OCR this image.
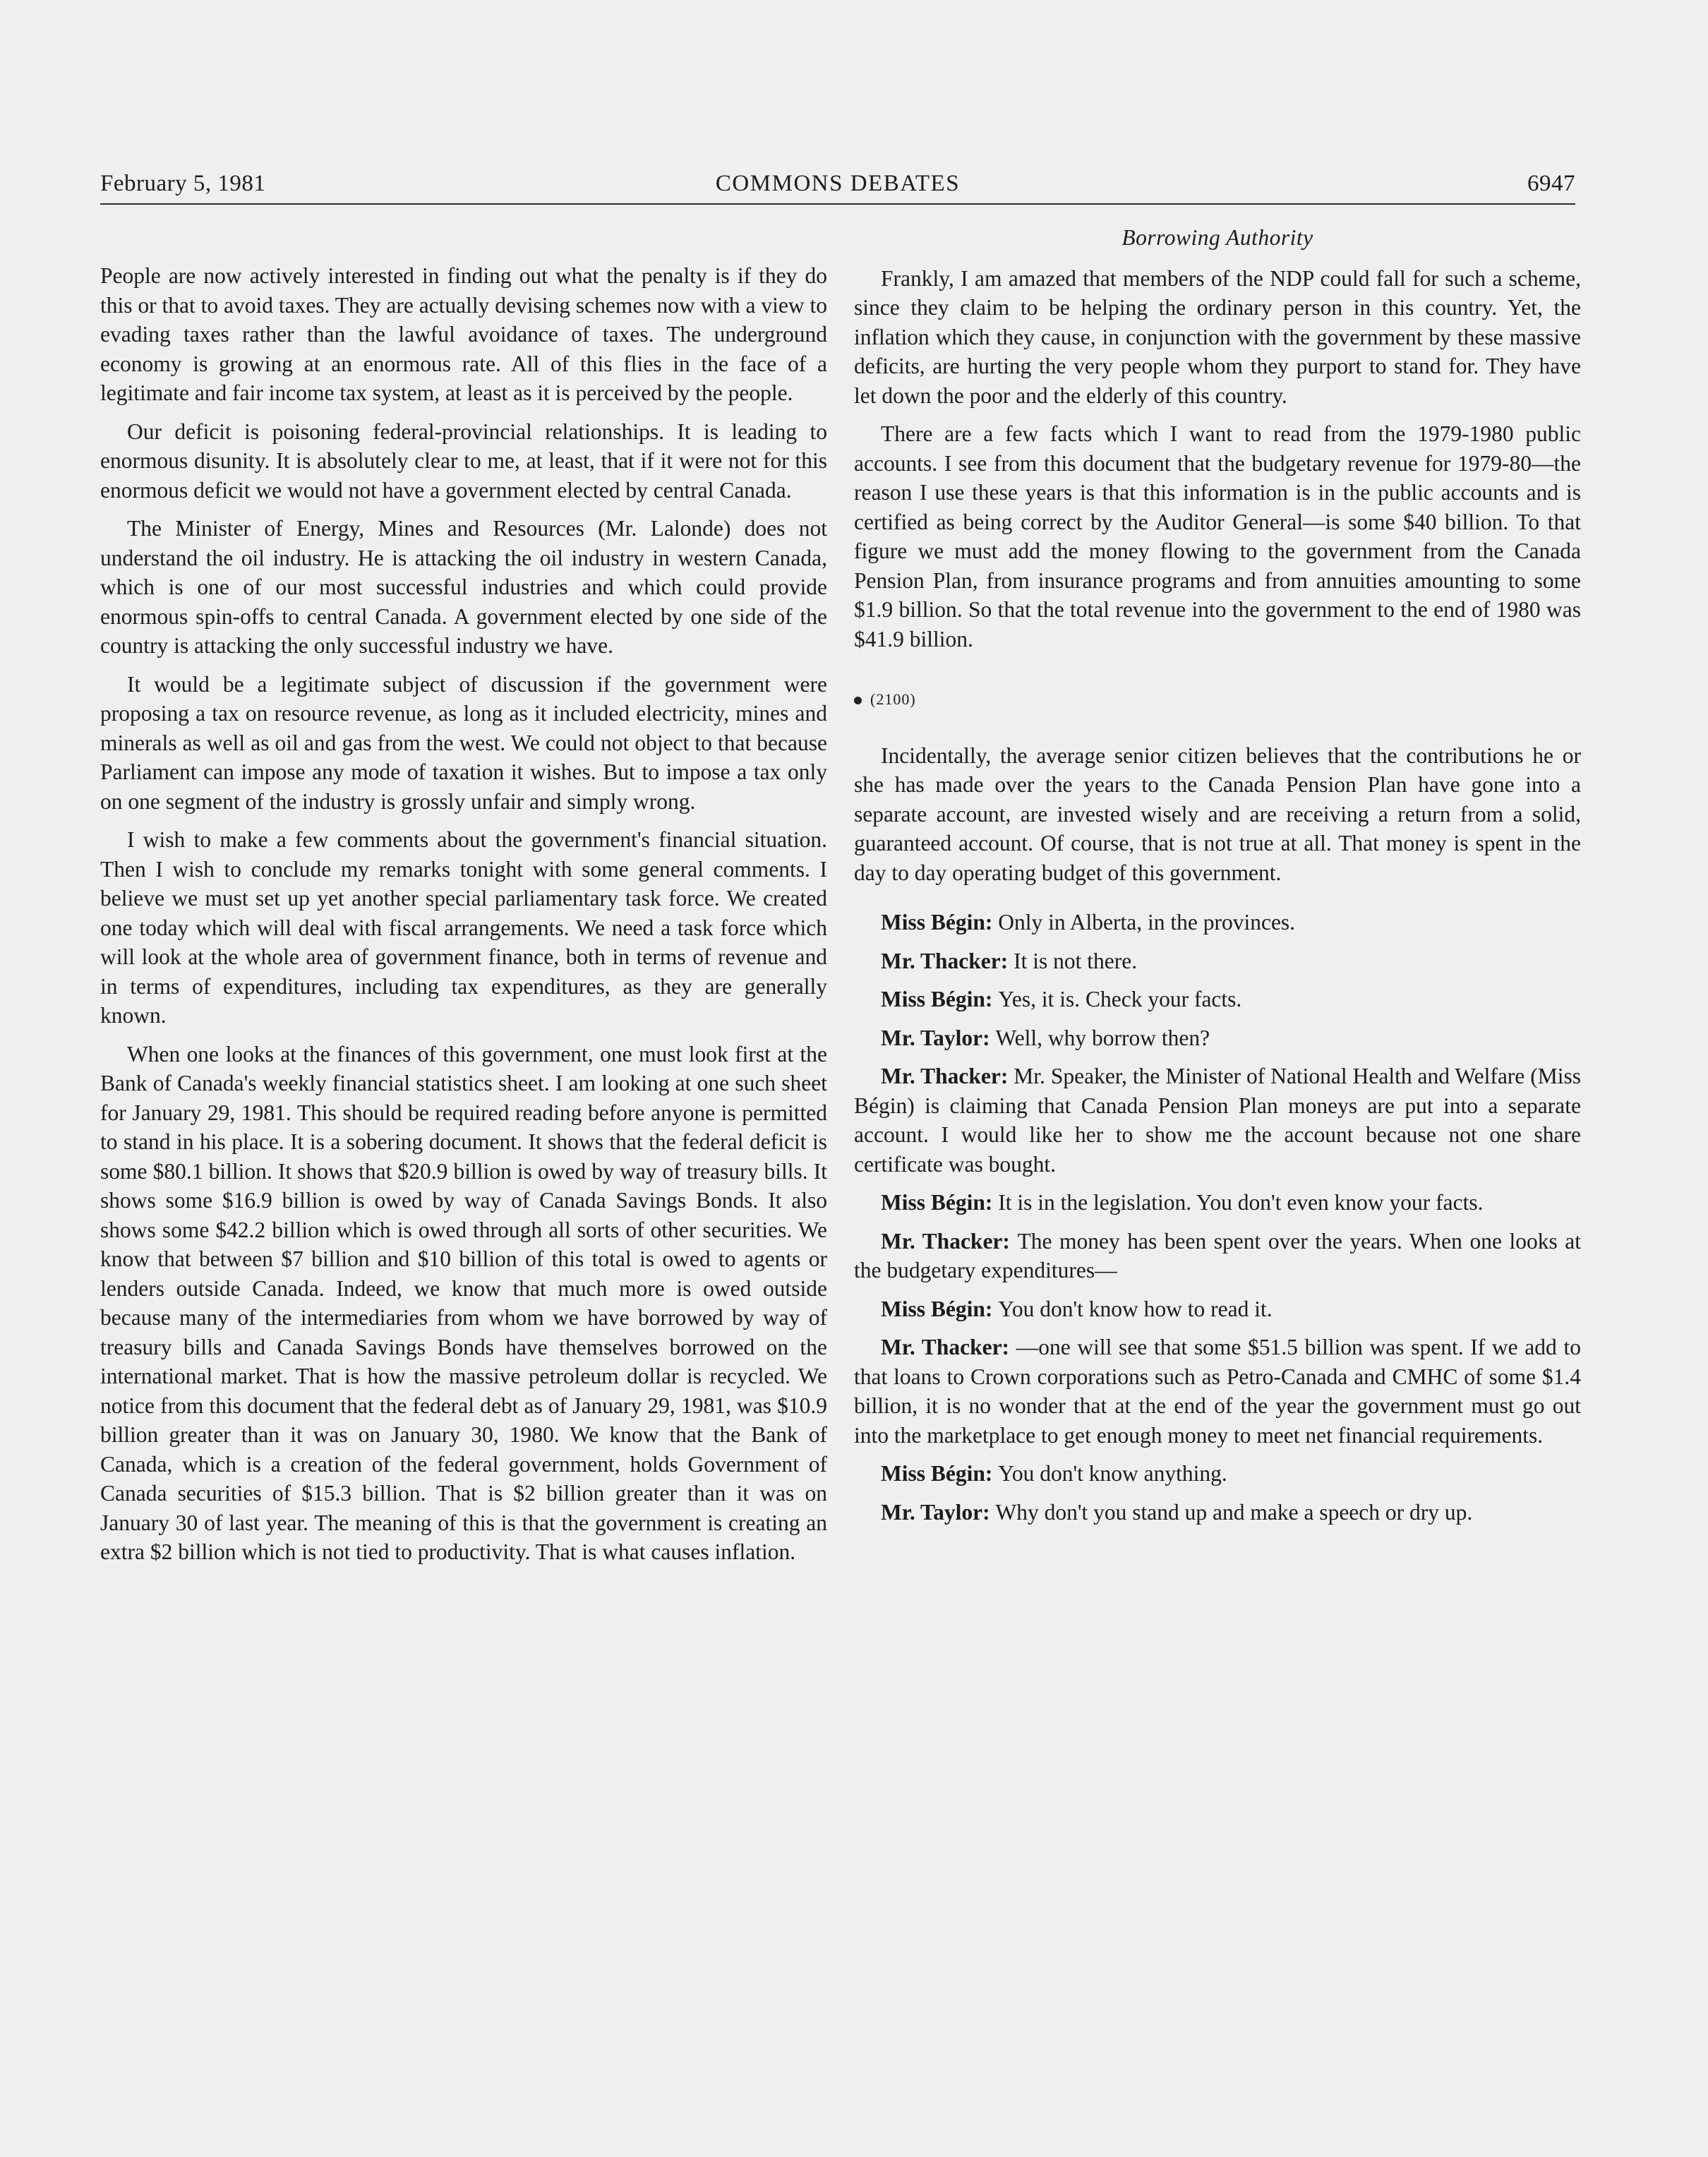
February 5, 1981	COMMONS DEBATES	6947

People are now actively interested in finding out what the penalty is if they do this or that to avoid taxes. They are actually devising schemes now with a view to evading taxes rather than the lawful avoidance of taxes. The underground economy is growing at an enormous rate. All of this flies in the face of a legitimate and fair income tax system, at least as it is perceived by the people.

Our deficit is poisoning federal-provincial relationships. It is leading to enormous disunity. It is absolutely clear to me, at least, that if it were not for this enormous deficit we would not have a government elected by central Canada.

The Minister of Energy, Mines and Resources (Mr. Lalonde) does not understand the oil industry. He is attacking the oil industry in western Canada, which is one of our most successful industries and which could provide enormous spin-offs to central Canada. A government elected by one side of the country is attacking the only successful industry we have.

It would be a legitimate subject of discussion if the government were proposing a tax on resource revenue, as long as it included electricity, mines and minerals as well as oil and gas from the west. We could not object to that because Parliament can impose any mode of taxation it wishes. But to impose a tax only on one segment of the industry is grossly unfair and simply wrong.

I wish to make a few comments about the government's financial situation. Then I wish to conclude my remarks tonight with some general comments. I believe we must set up yet another special parliamentary task force. We created one today which will deal with fiscal arrangements. We need a task force which will look at the whole area of government finance, both in terms of revenue and in terms of expenditures, including tax expenditures, as they are generally known.

When one looks at the finances of this government, one must look first at the Bank of Canada's weekly financial statistics sheet. I am looking at one such sheet for January 29, 1981. This should be required reading before anyone is permitted to stand in his place. It is a sobering document. It shows that the federal deficit is some $80.1 billion. It shows that $20.9 billion is owed by way of treasury bills. It shows some $16.9 billion is owed by way of Canada Savings Bonds. It also shows some $42.2 billion which is owed through all sorts of other securities. We know that between $7 billion and $10 billion of this total is owed to agents or lenders outside Canada. Indeed, we know that much more is owed outside because many of the intermediaries from whom we have borrowed by way of treasury bills and Canada Savings Bonds have themselves borrowed on the international market. That is how the massive petroleum dollar is recycled. We notice from this document that the federal debt as of January 29, 1981, was $10.9 billion greater than it was on January 30, 1980. We know that the Bank of Canada, which is a creation of the federal government, holds Government of Canada securities of $15.3 billion. That is $2 billion greater than it was on January 30 of last year. The meaning of this is that the government is creating an extra $2 billion which is not tied to productivity. That is what causes inflation.

Borrowing Authority

Frankly, I am amazed that members of the NDP could fall for such a scheme, since they claim to be helping the ordinary person in this country. Yet, the inflation which they cause, in conjunction with the government by these massive deficits, are hurting the very people whom they purport to stand for. They have let down the poor and the elderly of this country.

There are a few facts which I want to read from the 1979-1980 public accounts. I see from this document that the budgetary revenue for 1979-80—the reason I use these years is that this information is in the public accounts and is certified as being correct by the Auditor General—is some $40 billion. To that figure we must add the money flowing to the government from the Canada Pension Plan, from insurance programs and from annuities amounting to some $1.9 billion. So that the total revenue into the government to the end of 1980 was $41.9 billion.

(2100)

Incidentally, the average senior citizen believes that the contributions he or she has made over the years to the Canada Pension Plan have gone into a separate account, are invested wisely and are receiving a return from a solid, guaranteed account. Of course, that is not true at all. That money is spent in the day to day operating budget of this government.

Miss Bégin: Only in Alberta, in the provinces.

Mr. Thacker: It is not there.

Miss Bégin: Yes, it is. Check your facts.

Mr. Taylor: Well, why borrow then?

Mr. Thacker: Mr. Speaker, the Minister of National Health and Welfare (Miss Bégin) is claiming that Canada Pension Plan moneys are put into a separate account. I would like her to show me the account because not one share certificate was bought.

Miss Bégin: It is in the legislation. You don't even know your facts.

Mr. Thacker: The money has been spent over the years. When one looks at the budgetary expenditures—

Miss Bégin: You don't know how to read it.

Mr. Thacker: —one will see that some $51.5 billion was spent. If we add to that loans to Crown corporations such as Petro-Canada and CMHC of some $1.4 billion, it is no wonder that at the end of the year the government must go out into the marketplace to get enough money to meet net financial requirements.

Miss Bégin: You don't know anything.

Mr. Taylor: Why don't you stand up and make a speech or dry up.
